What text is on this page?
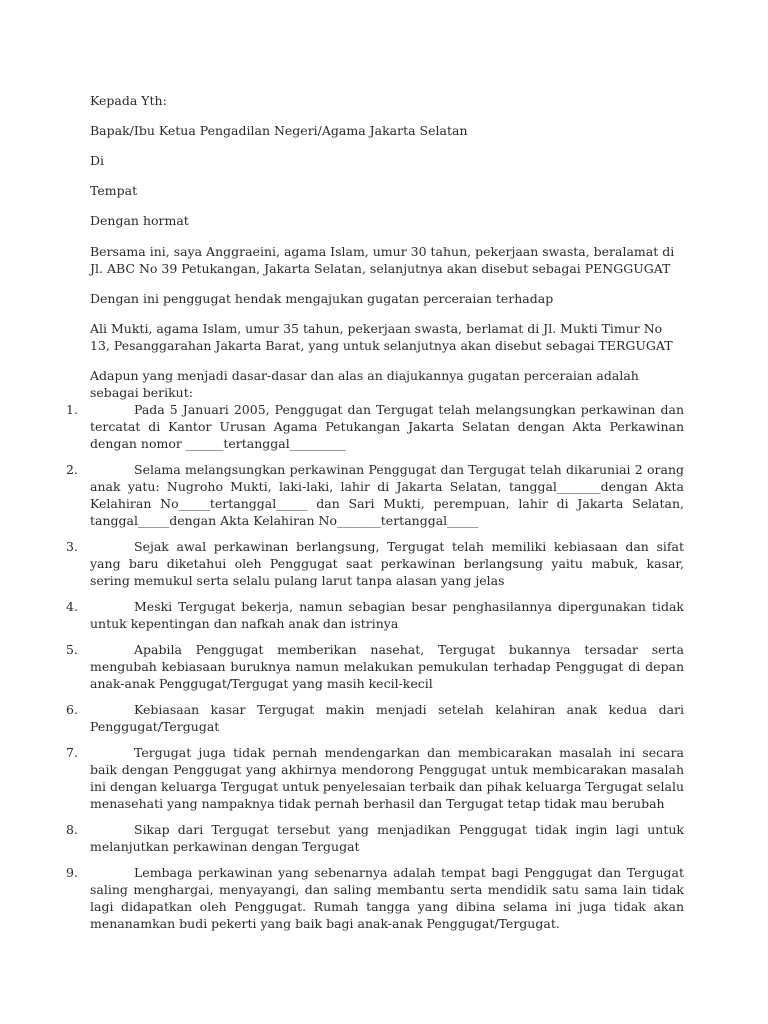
Kepada Yth:

Bapak/Ibu Ketua Pengadilan Negeri/Agama Jakarta Selatan

Di

Tempat

Dengan hormat

Bersama ini, saya Anggraeini, agama Islam, umur 30 tahun, pekerjaan swasta, beralamat di Jl. ABC No 39 Petukangan, Jakarta Selatan, selanjutnya akan disebut sebagai PENGGUGAT

Dengan ini penggugat hendak mengajukan gugatan perceraian terhadap

Ali Mukti, agama Islam, umur 35 tahun, pekerjaan swasta, berlamat di Jl. Mukti Timur No 13, Pesanggarahan Jakarta Barat, yang untuk selanjutnya akan disebut sebagai TERGUGAT

Adapun yang menjadi dasar-dasar dan alas an diajukannya gugatan perceraian adalah sebagai berikut:

1.	Pada 5 Januari 2005, Penggugat dan Tergugat telah melangsungkan perkawinan dan tercatat di Kantor Urusan Agama Petukangan Jakarta Selatan dengan Akta Perkawinan dengan nomor ______tertanggal_________
2.	Selama melangsungkan perkawinan Penggugat dan Tergugat telah dikaruniai 2 orang anak yatu: Nugroho Mukti, laki-laki, lahir di Jakarta Selatan, tanggal_______dengan Akta Kelahiran No_____tertanggal_____ dan Sari Mukti, perempuan, lahir di Jakarta Selatan, tanggal_____dengan Akta Kelahiran No_______tertanggal_____
3.	Sejak awal perkawinan berlangsung, Tergugat telah memiliki kebiasaan dan sifat yang baru diketahui oleh Penggugat saat perkawinan berlangsung yaitu mabuk, kasar, sering memukul serta selalu pulang larut tanpa alasan yang jelas
4.	Meski Tergugat bekerja, namun sebagian besar penghasilannya dipergunakan tidak untuk kepentingan dan nafkah anak dan istrinya
5.	Apabila Penggugat memberikan nasehat, Tergugat bukannya tersadar serta mengubah kebiasaan buruknya namun melakukan pemukulan terhadap Penggugat di depan anak-anak Penggugat/Tergugat yang masih kecil-kecil
6.	Kebiasaan kasar Tergugat makin menjadi setelah kelahiran anak kedua dari Penggugat/Tergugat
7.	Tergugat juga tidak pernah mendengarkan dan membicarakan masalah ini secara baik dengan Penggugat yang akhirnya mendorong Penggugat untuk membicarakan masalah ini dengan keluarga Tergugat untuk penyelesaian terbaik dan pihak keluarga Tergugat selalu menasehati yang nampaknya tidak pernah berhasil dan Tergugat tetap tidak mau berubah
8.	Sikap dari Tergugat tersebut yang menjadikan Penggugat tidak ingin lagi untuk melanjutkan perkawinan dengan Tergugat
9.	Lembaga perkawinan yang sebenarnya adalah tempat bagi Penggugat dan Tergugat saling menghargai, menyayangi, dan saling membantu serta mendidik satu sama lain tidak lagi didapatkan oleh Penggugat. Rumah tangga yang dibina selama ini juga tidak akan menanamkan budi pekerti yang baik bagi anak-anak Penggugat/Tergugat.
